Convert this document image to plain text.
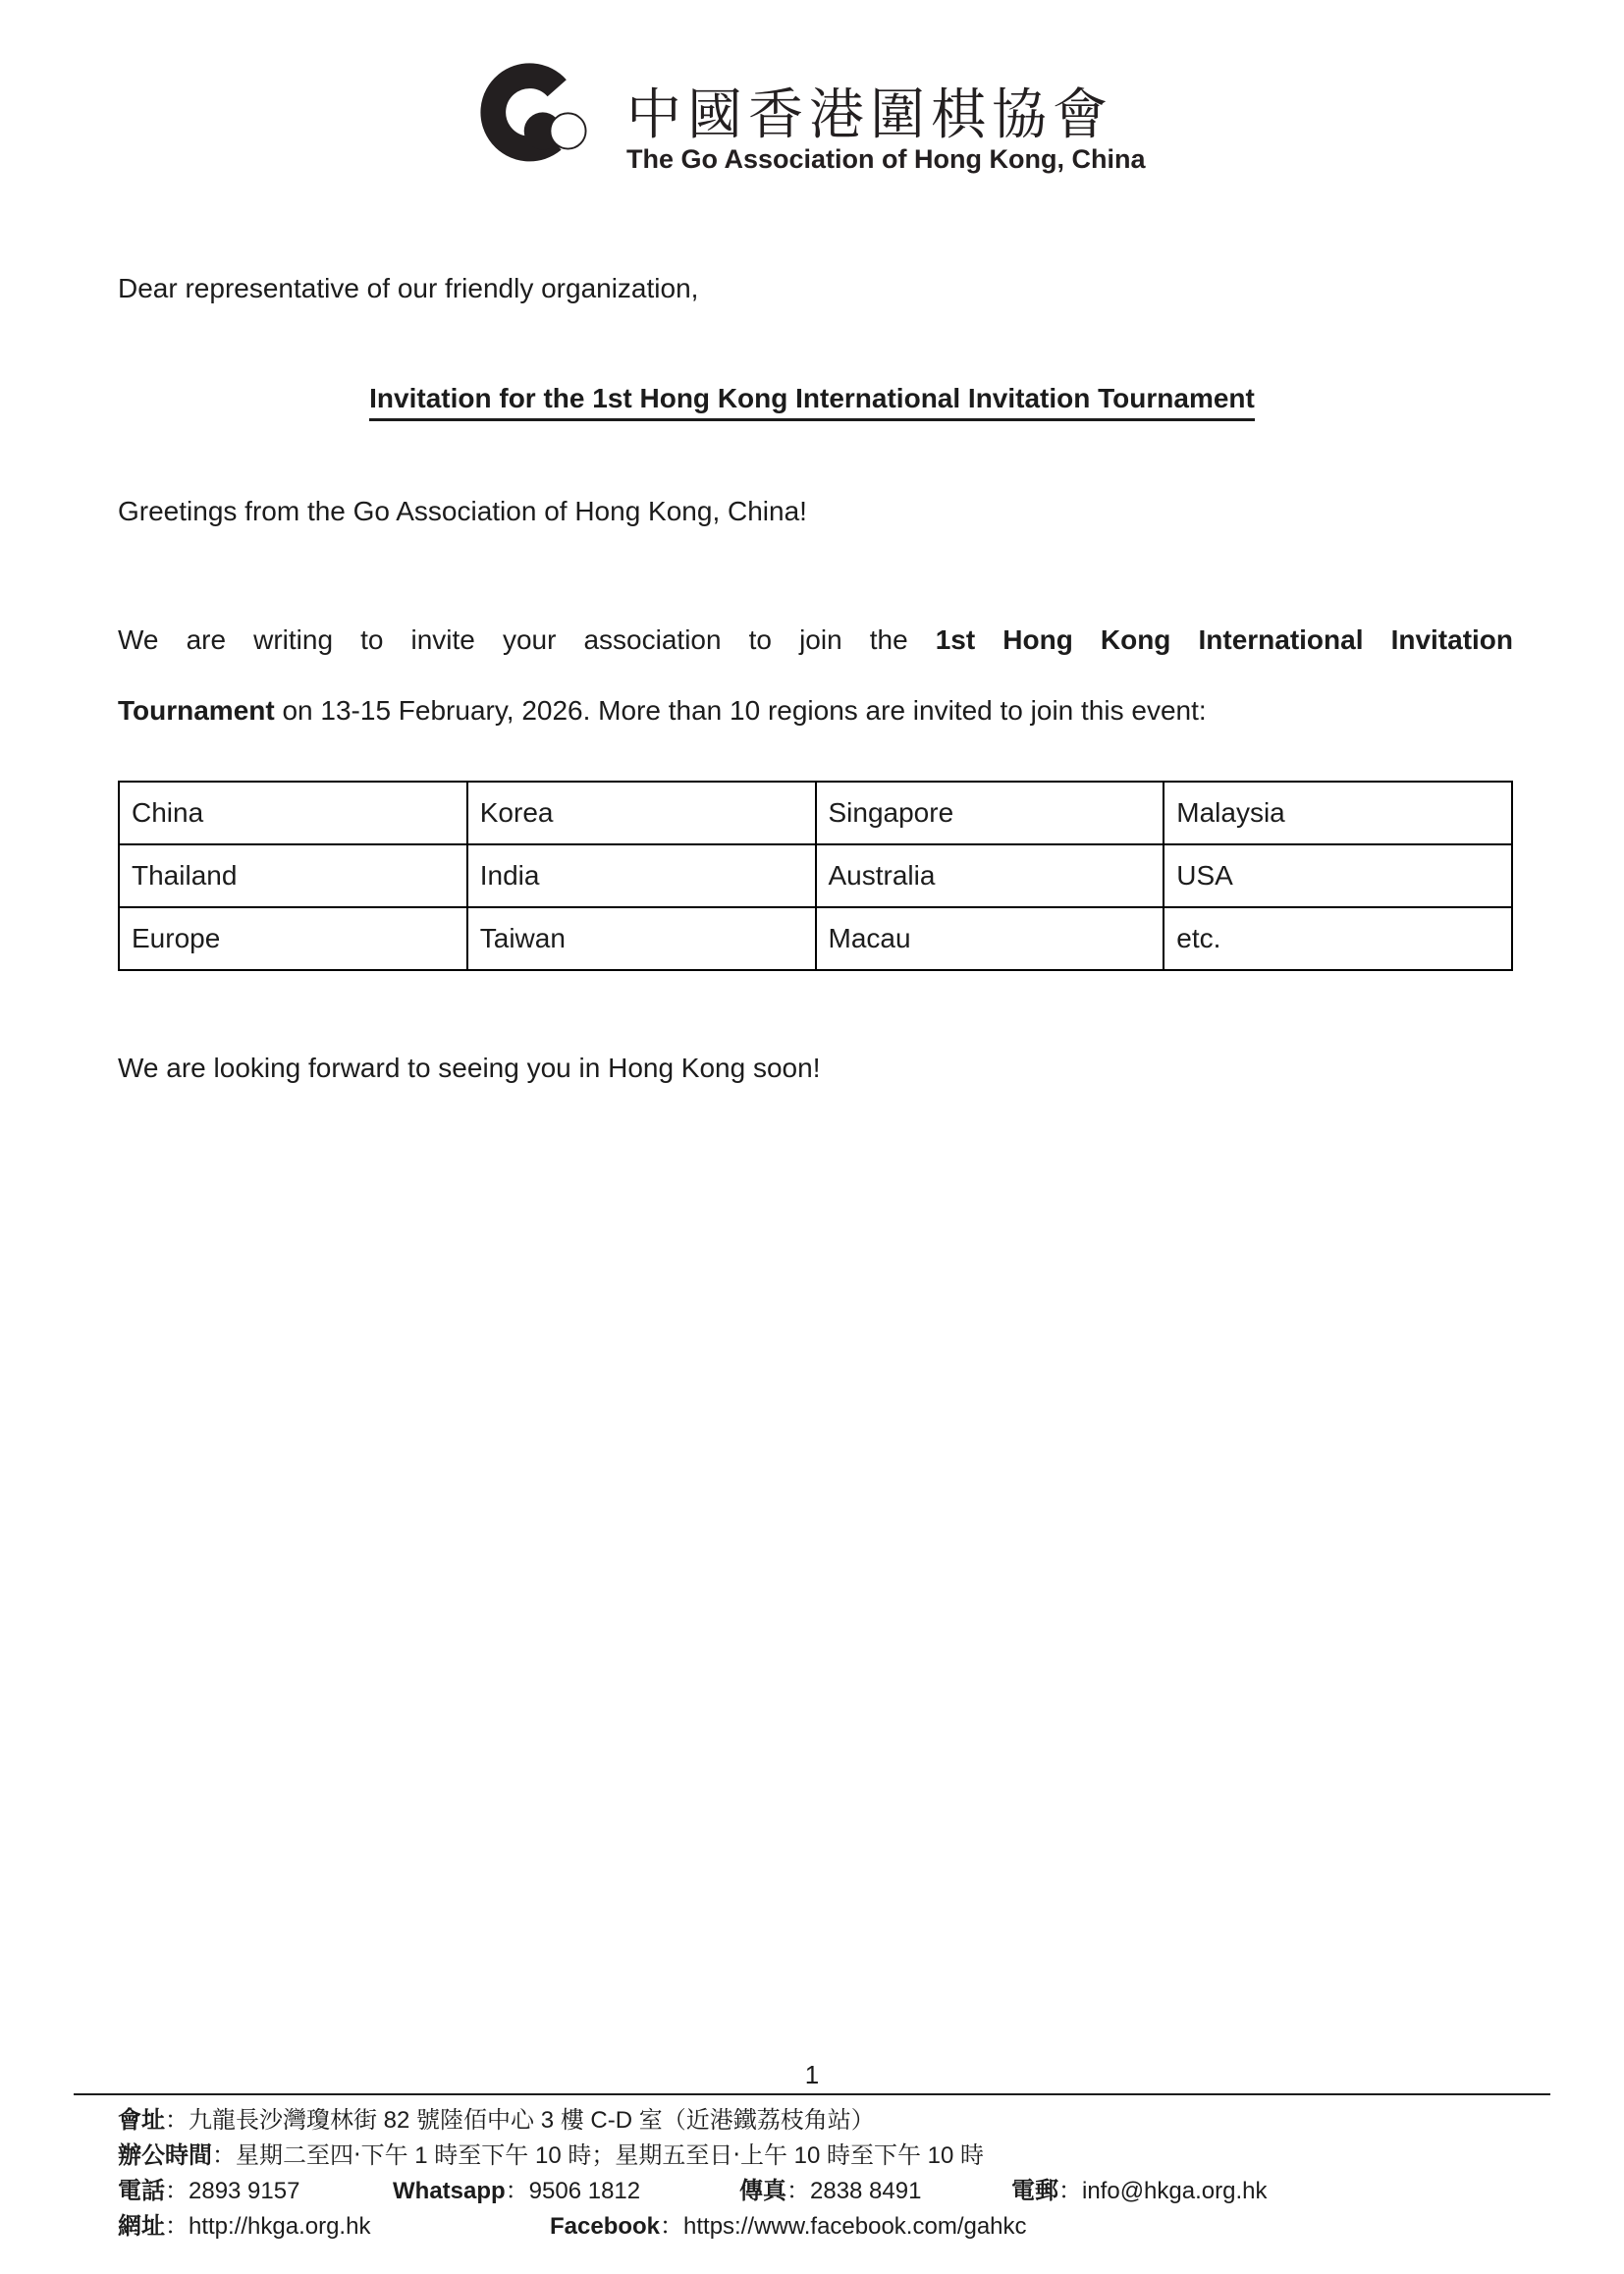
中國香港圍棋協會
The Go Association of Hong Kong, China
Dear representative of our friendly organization,
Invitation for the 1st Hong Kong International Invitation Tournament
Greetings from the Go Association of Hong Kong, China!
We are writing to invite your association to join the 1st Hong Kong International Invitation
Tournament on 13-15 February, 2026. More than 10 regions are invited to join this event:
China	Korea	Singapore	Malaysia
Thailand	India	Australia	USA
Europe	Taiwan	Macau	etc.
We are looking forward to seeing you in Hong Kong soon!
1
會址：九龍長沙灣瓊林街 82 號陸佰中心 3 樓 C-D 室（近港鐵荔枝角站）
辦公時間：星期二至四‧下午 1 時至下午 10 時；星期五至日‧上午 10 時至下午 10 時
電話：2893 9157	Whatsapp：9506 1812	傳真：2838 8491	電郵：info@hkga.org.hk
網址：http://hkga.org.hk	Facebook：https://www.facebook.com/gahkc
